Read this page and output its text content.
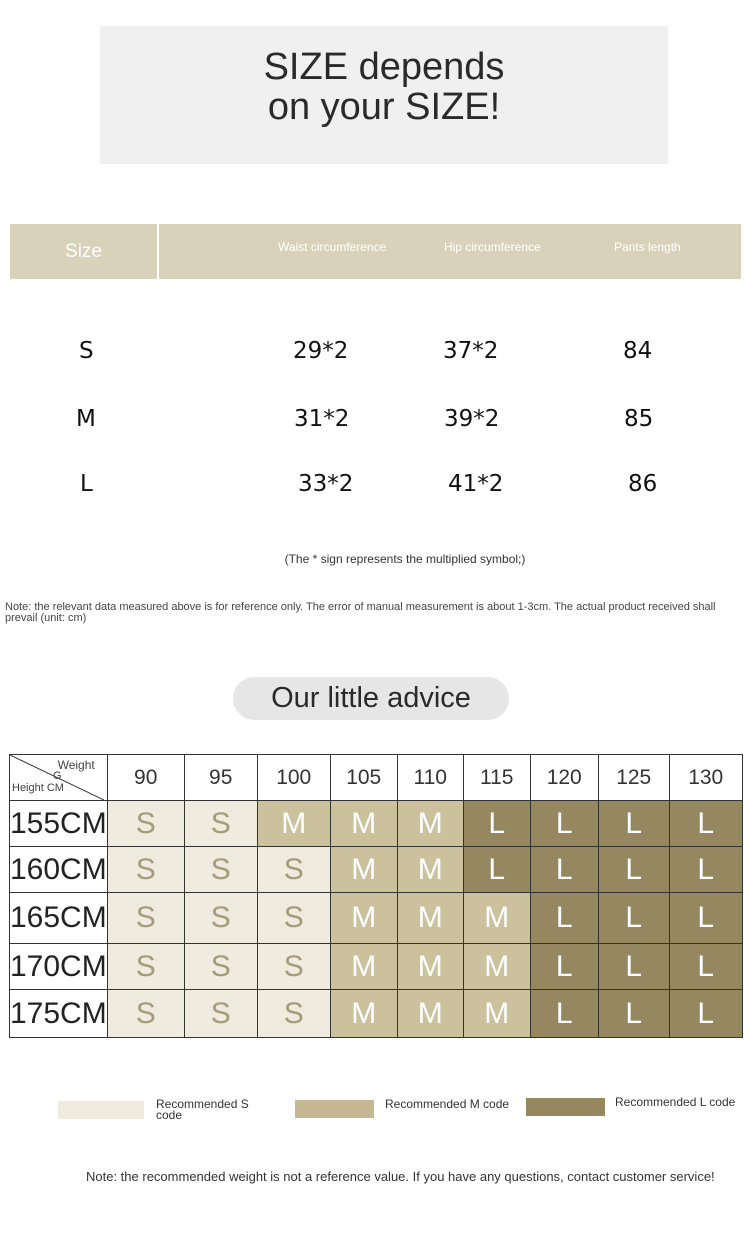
SIZE depends
on your SIZE!
Size	Waist circumference	Hip circumference	Pants length
S	29*2	37*2	84
M	31*2	39*2	85
L	33*2	41*2	86
(The * sign represents the multiplied symbol;)
Note: the relevant data measured above is for reference only. The error of manual measurement is about 1-3cm. The actual product received shall prevail (unit: cm)
Our little advice
Weight
G
Height CM	90	95	100	105	110	115	120	125	130
155CM	S	S	M	M	M	L	L	L	L
160CM	S	S	S	M	M	L	L	L	L
165CM	S	S	S	M	M	M	L	L	L
170CM	S	S	S	M	M	M	L	L	L
175CM	S	S	S	M	M	M	L	L	L
Recommended S code
Recommended M code	Recommended L code
Note: the recommended weight is not a reference value. If you have any questions, contact customer service!
